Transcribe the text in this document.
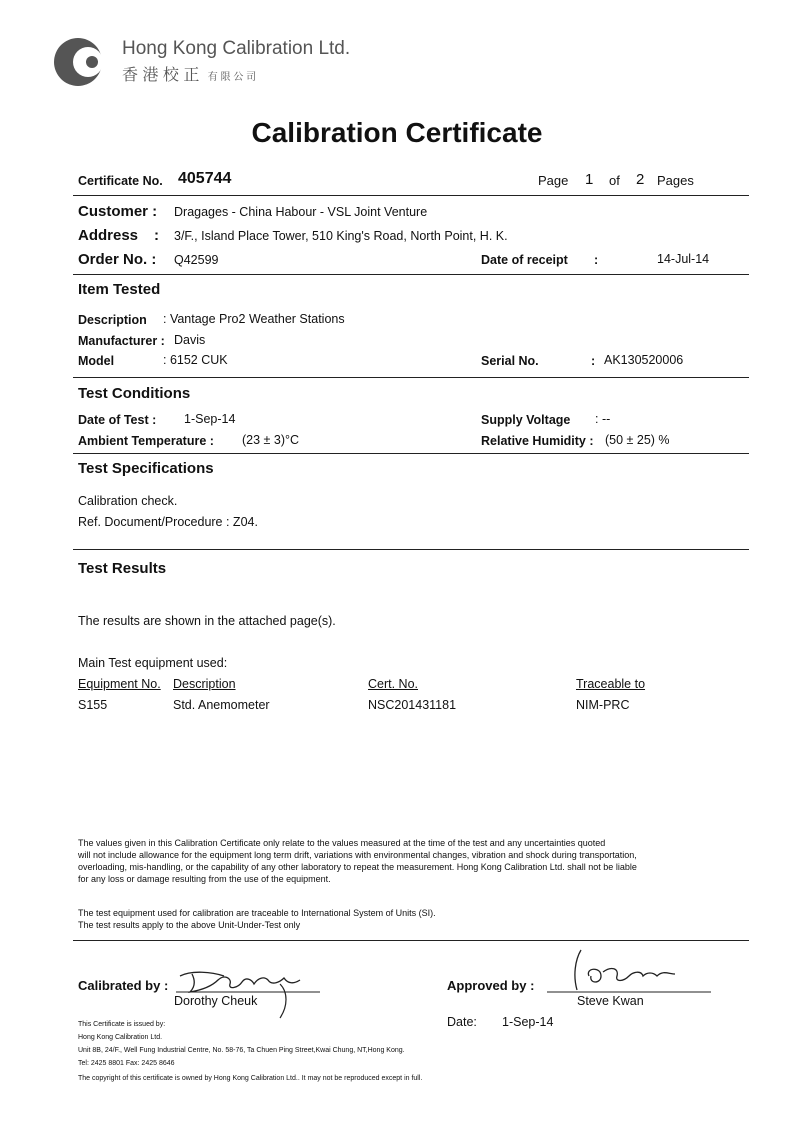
Hong Kong Calibration Ltd.
香 港 校 正 有 限 公 司
Calibration Certificate
Certificate No. 405744	Page 1 of 2 Pages
Customer : Dragages - China Habour - VSL Joint Venture
Address : 3/F., Island Place Tower, 510 King's Road, North Point, H. K.
Order No. : Q42599	Date of receipt :	14-Jul-14
Item Tested
Description : Vantage Pro2 Weather Stations
Manufacturer : Davis
Model	: 6152 CUK	Serial No.	: AK130520006
Test Conditions
Date of Test : 1-Sep-14
Ambient Temperature : (23 ± 3)°C
Supply Voltage : --
Relative Humidity : (50 ± 25) %
Test Specifications
Calibration check.
Ref. Document/Procedure : Z04.
Test Results
The results are shown in the attached page(s).
Main Test equipment used:
Equipment No. Description	Cert. No.	Traceable to
S155	Std. Anemometer	NSC201431181	NIM-PRC
The values given in this Calibration Certificate only relate to the values measured at the time of the test and any uncertainties quoted
will not include allowance for the equipment long term drift, variations with environmental changes, vibration and shock during transportation,
overloading, mis-handling, or the capability of any other laboratory to repeat the measurement. Hong Kong Calibration Ltd. shall not be liable
for any loss or damage resulting from the use of the equipment.
The test equipment used for calibration are traceable to International System of Units (SI).
The test results apply to the above Unit-Under-Test only
Calibrated by :
Dorothy Cheuk
Approved by :
Steve Kwan
Date: 1-Sep-14
This Certificate is issued by:
Hong Kong Calibration Ltd.
Unit 8B, 24/F., Well Fung Industrial Centre, No. 58-76, Ta Chuen Ping Street,Kwai Chung, NT,Hong Kong.
Tel: 2425 8801 Fax: 2425 8646
The copyright of this certificate is owned by Hong Kong Calibration Ltd.. It may not be reproduced except in full.
